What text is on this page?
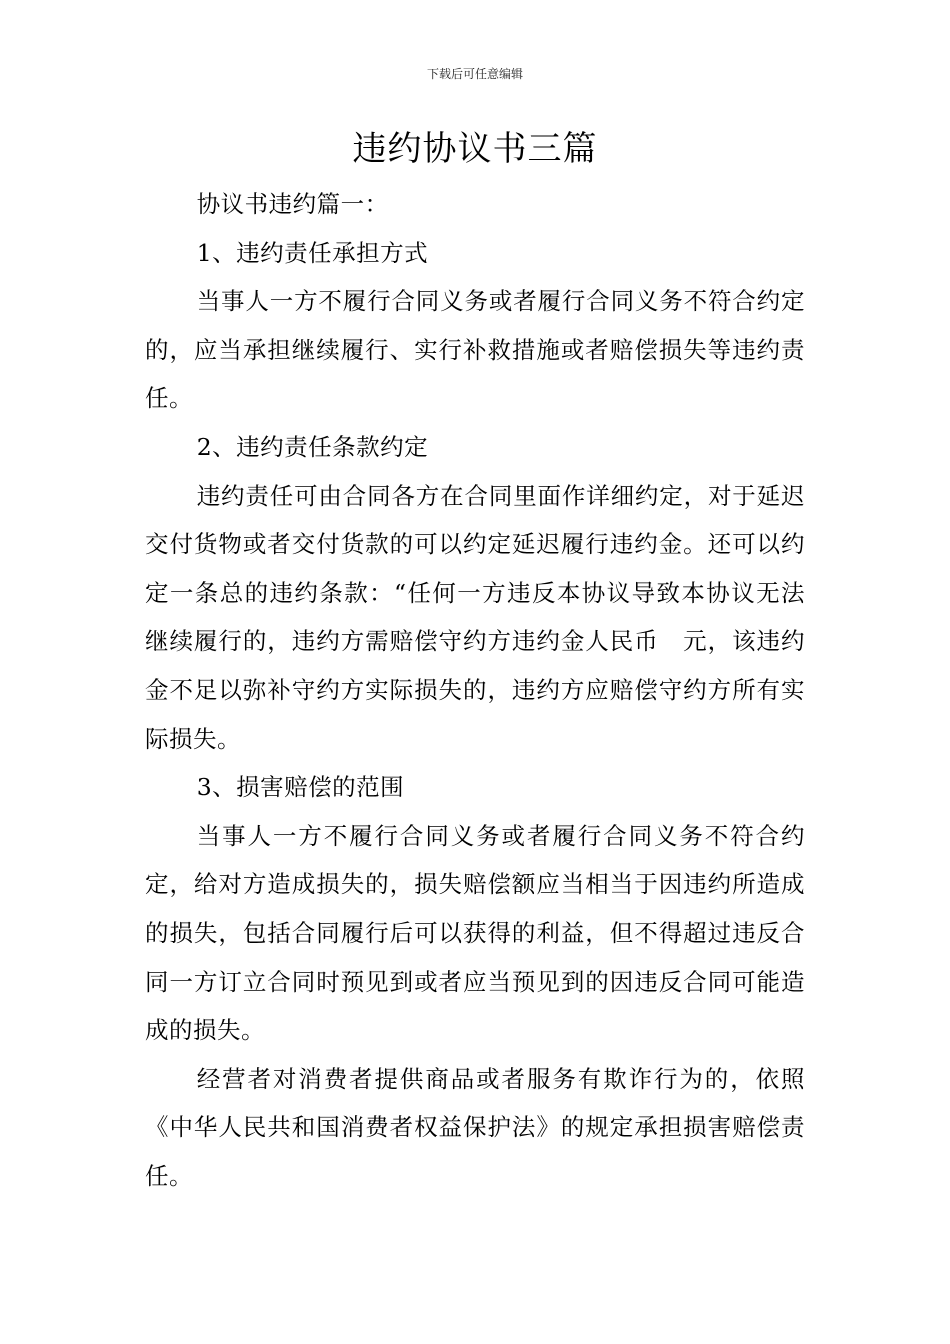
下载后可任意编辑
违约协议书三篇

协议书违约篇一：

1、违约责任承担方式

当事人一方不履行合同义务或者履行合同义务不符合约定的，应当承担继续履行、实行补救措施或者赔偿损失等违约责任。

2、违约责任条款约定

违约责任可由合同各方在合同里面作详细约定，对于延迟交付货物或者交付货款的可以约定延迟履行违约金。还可以约定一条总的违约条款：“任何一方违反本协议导致本协议无法继续履行的，违约方需赔偿守约方违约金人民币　元，该违约金不足以弥补守约方实际损失的，违约方应赔偿守约方所有实际损失。

3、损害赔偿的范围

当事人一方不履行合同义务或者履行合同义务不符合约定，给对方造成损失的，损失赔偿额应当相当于因违约所造成的损失，包括合同履行后可以获得的利益，但不得超过违反合同一方订立合同时预见到或者应当预见到的因违反合同可能造成的损失。

经营者对消费者提供商品或者服务有欺诈行为的，依照《中华人民共和国消费者权益保护法》的规定承担损害赔偿责任。
